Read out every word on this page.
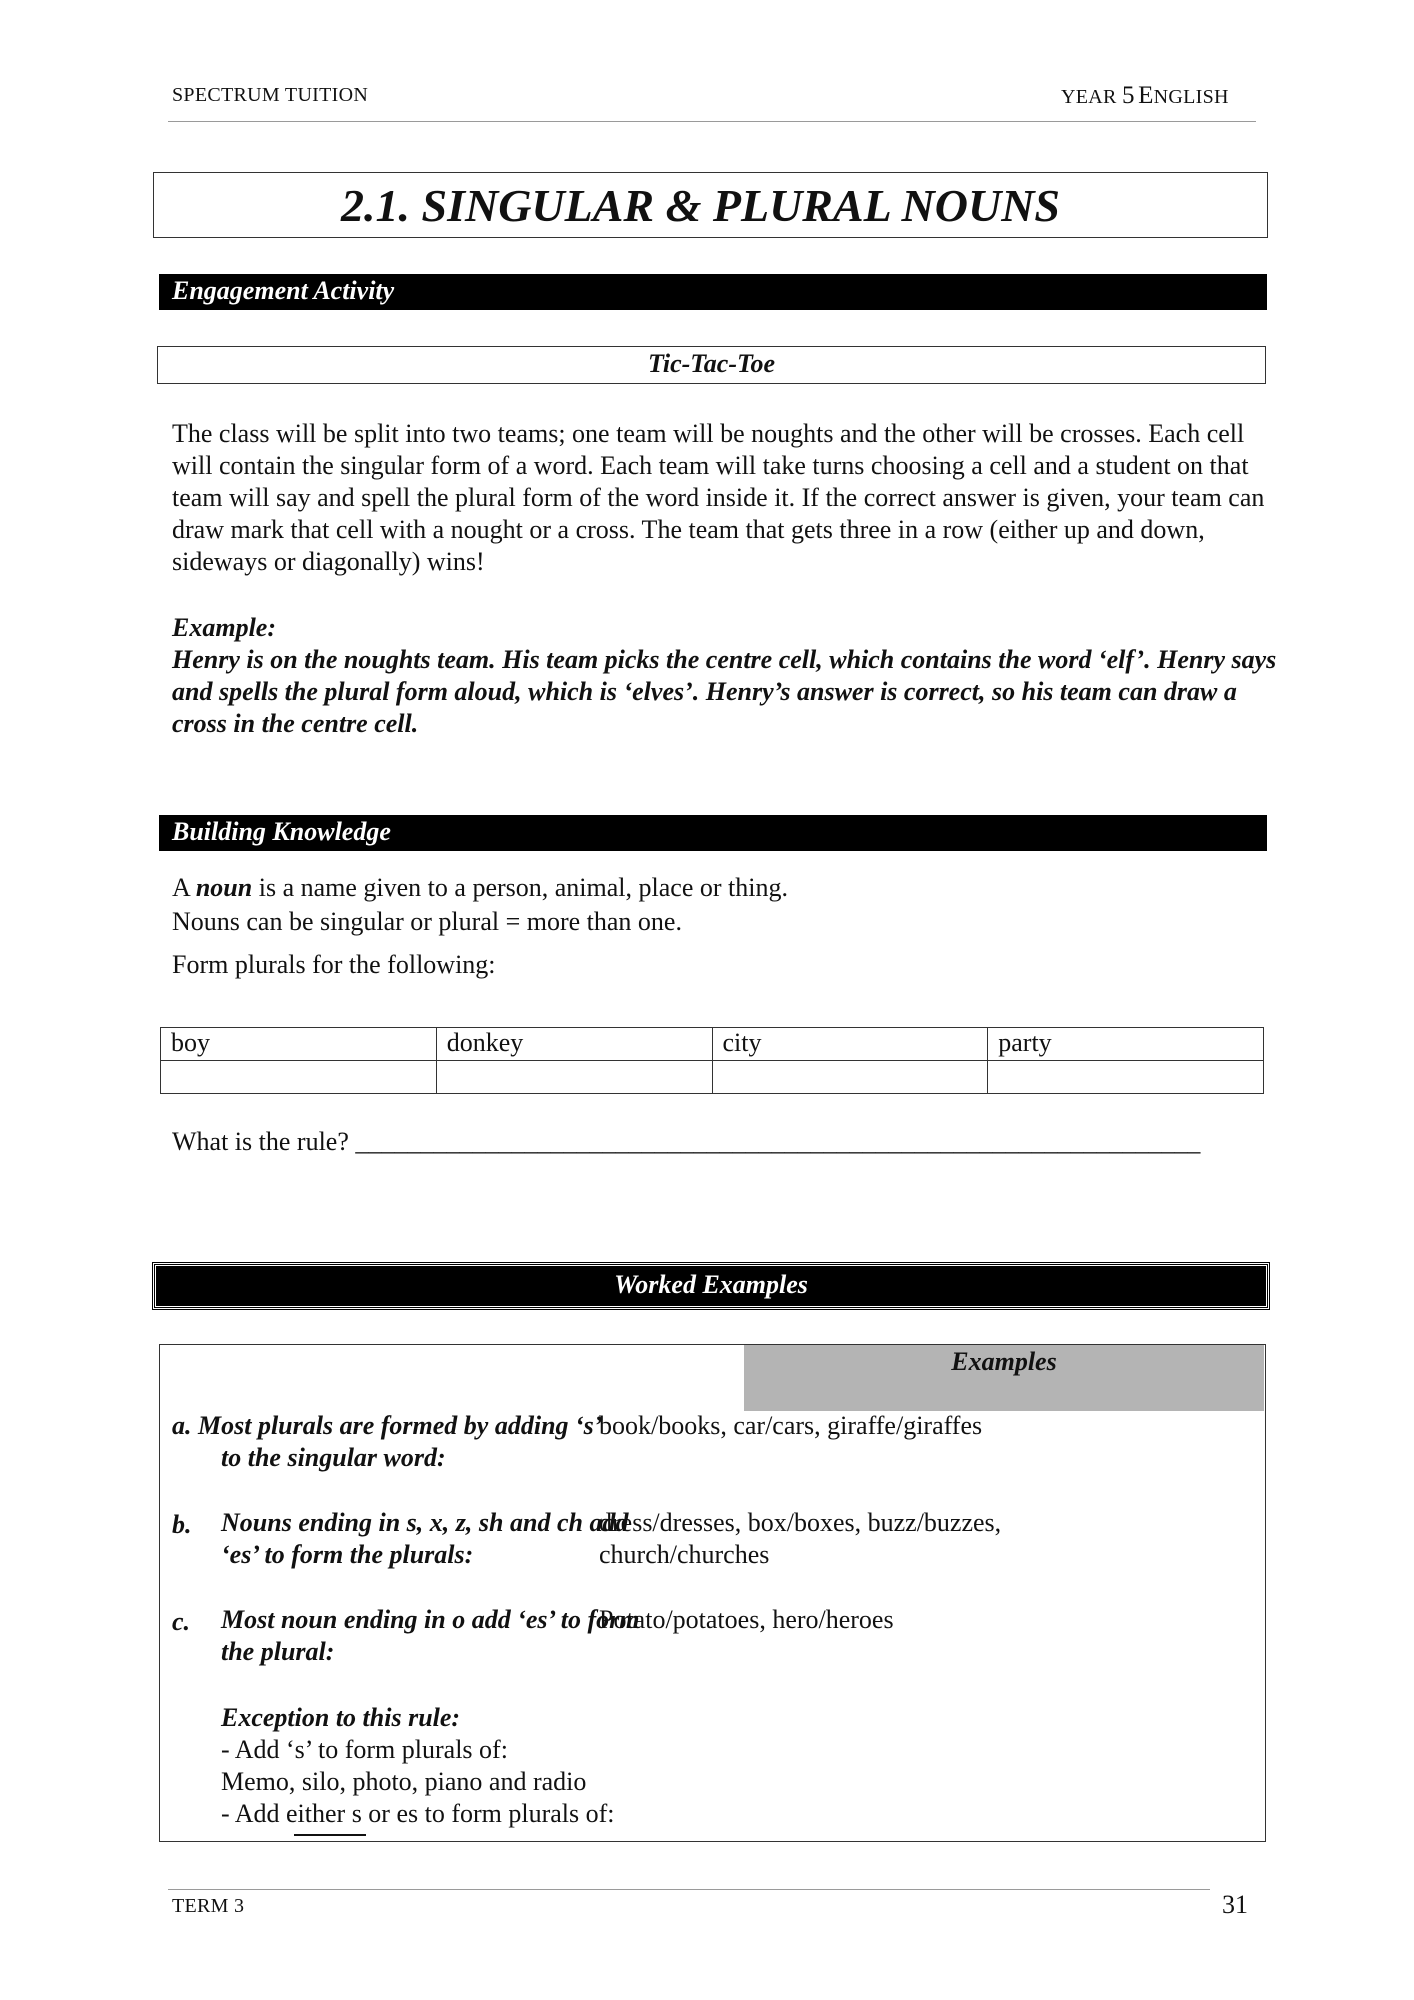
SPECTRUM TUITION	YEAR 5 ENGLISH
2.1. SINGULAR & PLURAL NOUNS
Engagement Activity
Tic-Tac-Toe

The class will be split into two teams; one team will be noughts and the other will be crosses. Each cell will contain the singular form of a word. Each team will take turns choosing a cell and a student on that team will say and spell the plural form of the word inside it. If the correct answer is given, your team can draw mark that cell with a nought or a cross. The team that gets three in a row (either up and down, sideways or diagonally) wins!

Example:

Henry is on the noughts team. His team picks the centre cell, which contains the word ‘elf’. Henry says and spells the plural form aloud, which is ‘elves’. Henry’s answer is correct, so his team can draw a cross in the centre cell.

Building Knowledge
A noun is a name given to a person, animal, place or thing.
Nouns can be singular or plural = more than one.
Form plurals for the following:
boy	donkey	city	party

What is the rule? _________________________________________________________________
Worked Examples
Examples
a. Most plurals are formed by adding ‘s’
to the singular word:
book/books, car/cars, giraffe/giraffes
b. Nouns ending in s, x, z, sh and ch add
‘es’ to form the plurals:
dress/dresses, box/boxes, buzz/buzzes, church/churches
c. Most noun ending in o add ‘es’ to form
the plural:
Potato/potatoes, hero/heroes
Exception to this rule:
- Add ‘s’ to form plurals of:
Memo, silo, photo, piano and radio
- Add either s or es to form plurals of:
TERM 3	31
